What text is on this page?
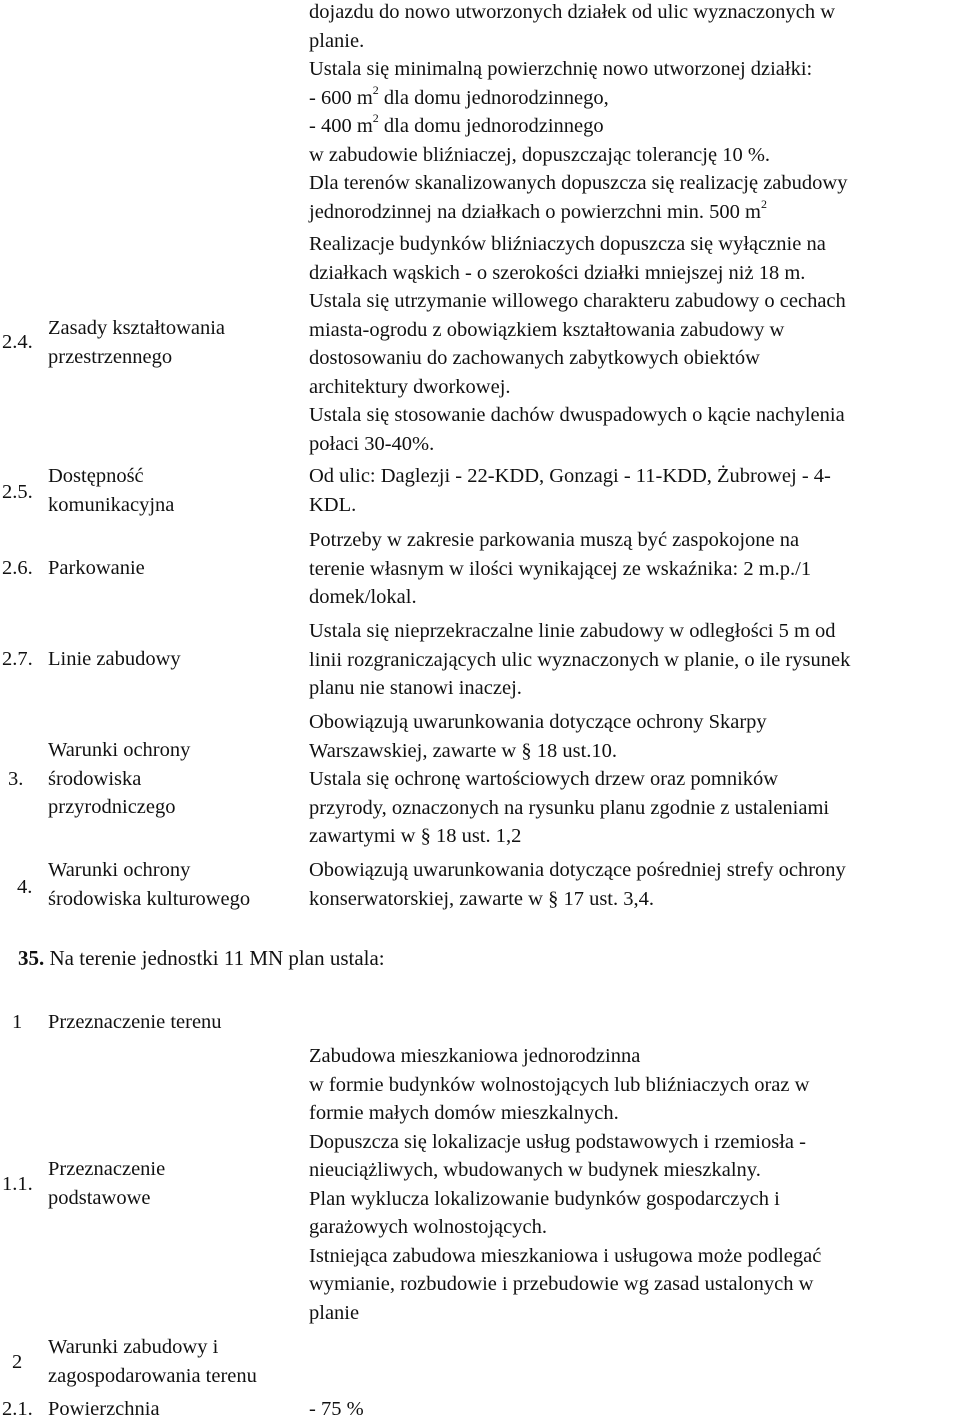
dojazdu do nowo utworzonych działek od ulic wyznaczonych w
planie.
Ustala się minimalną powierzchnię nowo utworzonej działki:
- 600 $m^2$ dla domu jednorodzinnego,
- 400 $m^2$ dla domu jednorodzinnego
w zabudowie bliźniaczej, dopuszczając tolerancję 10 %.
Dla terenów skanalizowanych dopuszcza się realizację zabudowy
jednorodzinnej na działkach o powierzchni min. 500 $m^2$
2.4.
Zasady kształtowania
przestrzennego
Realizacje budynków bliźniaczych dopuszcza się wyłącznie na
działkach wąskich - o szerokości działki mniejszej niż 18 m.
Ustala się utrzymanie willowego charakteru zabudowy o cechach
miasta-ogrodu z obowiązkiem kształtowania zabudowy w
dostosowaniu do zachowanych zabytkowych obiektów
architektury dworkowej.
Ustala się stosowanie dachów dwuspadowych o kącie nachylenia
połaci 30-40%.
2.5.
Dostępność
komunikacyjna
Od ulic: Daglezji - 22-KDD, Gonzagi - 11-KDD, Żubrowej - 4-
KDL.
2.6. Parkowanie
Potrzeby w zakresie parkowania muszą być zaspokojone na
terenie własnym w ilości wynikającej ze wskaźnika: 2 m.p./1
domek/lokal.
2.7. Linie zabudowy
Ustala się nieprzekraczalne linie zabudowy w odległości 5 m od
linii rozgraniczających ulic wyznaczonych w planie, o ile rysunek
planu nie stanowi inaczej.
3.
Warunki ochrony
środowiska
przyrodniczego
Obowiązują uwarunkowania dotyczące ochrony Skarpy
Warszawskiej, zawarte w § 18 ust.10.
Ustala się ochronę wartościowych drzew oraz pomników
przyrody, oznaczonych na rysunku planu zgodnie z ustaleniami
zawartymi w § 18 ust. 1,2
4.
Warunki ochrony
środowiska kulturowego
Obowiązują uwarunkowania dotyczące pośredniej strefy ochrony
konserwatorskiej, zawarte w § 17 ust. 3,4.
35. Na terenie jednostki 11 MN plan ustala:
1 Przeznaczenie terenu
1.1.
Przeznaczenie
podstawowe
Zabudowa mieszkaniowa jednorodzinna
w formie budynków wolnostojących lub bliźniaczych oraz w
formie małych domów mieszkalnych.
Dopuszcza się lokalizacje usług podstawowych i rzemiosła -
nieuciążliwych, wbudowanych w budynek mieszkalny.
Plan wyklucza lokalizowanie budynków gospodarczych i
garażowych wolnostojących.
Istniejąca zabudowa mieszkaniowa i usługowa może podlegać
wymianie, rozbudowie i przebudowie wg zasad ustalonych w
planie
2
Warunki zabudowy i
zagospodarowania terenu
2.1. Powierzchnia	- 75 %
